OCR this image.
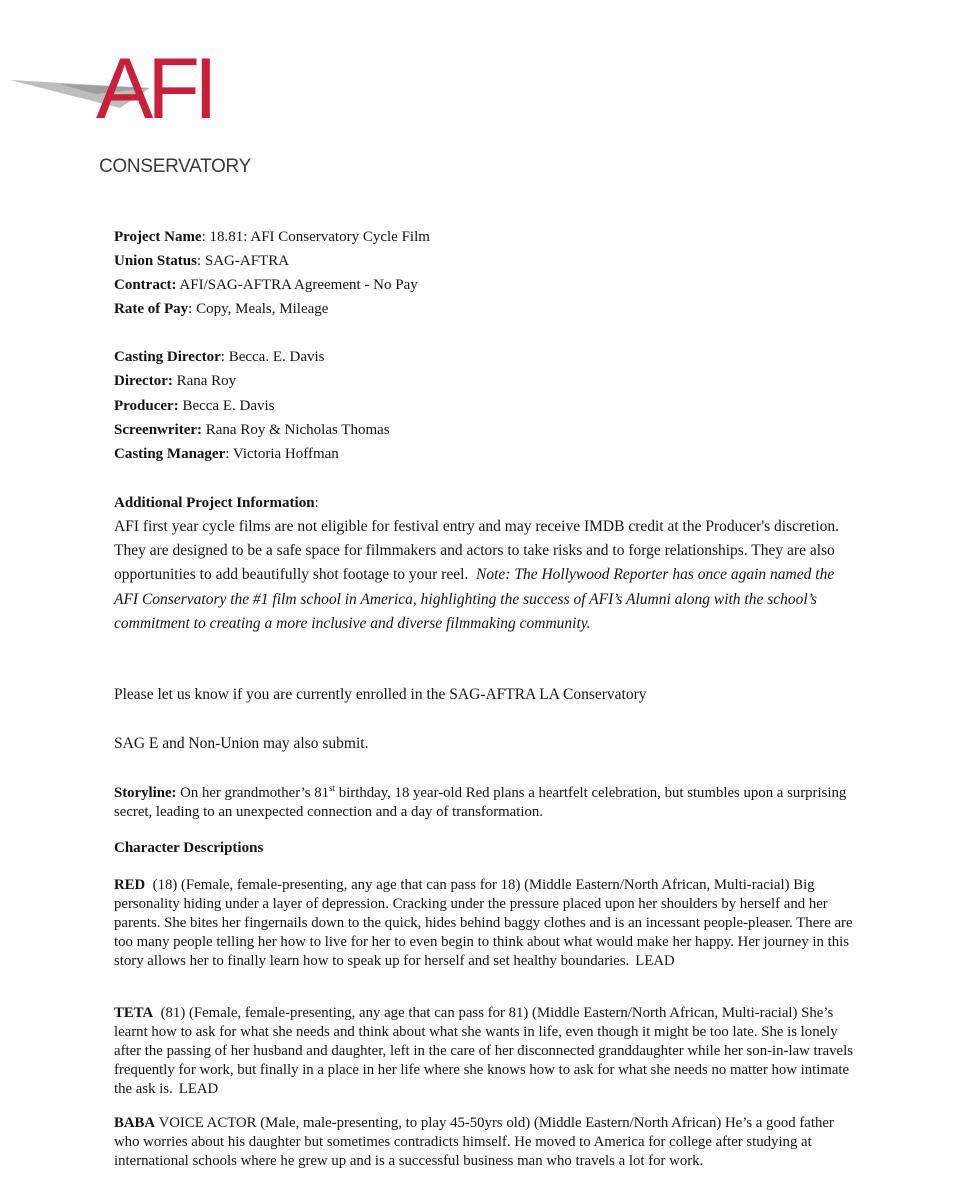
AFI

CONSERVATORY

Project Name: 18.81: AFI Conservatory Cycle Film

Union Status: SAG-AFTRA

Contract: AFI/SAG-AFTRA Agreement - No Pay

Rate of Pay: Copy, Meals, Mileage

Casting Director: Becca. E. Davis

Director: Rana Roy

Producer: Becca E. Davis

Screenwriter: Rana Roy & Nicholas Thomas

Casting Manager: Victoria Hoffman

Additional Project Information:

AFI first year cycle films are not eligible for festival entry and may receive IMDB credit at the Producer's discretion. They are designed to be a safe space for filmmakers and actors to take risks and to forge relationships. They are also opportunities to add beautifully shot footage to your reel. Note: The Hollywood Reporter has once again named the AFI Conservatory the #1 film school in America, highlighting the success of AFI’s Alumni along with the school’s commitment to creating a more inclusive and diverse filmmaking community.

Please let us know if you are currently enrolled in the SAG-AFTRA LA Conservatory

SAG E and Non-Union may also submit.

Storyline: On her grandmother’s 81st birthday, 18 year-old Red plans a heartfelt celebration, but stumbles upon a surprising secret, leading to an unexpected connection and a day of transformation.

Character Descriptions

RED (18) (Female, female-presenting, any age that can pass for 18) (Middle Eastern/North African, Multi-racial) Big personality hiding under a layer of depression. Cracking under the pressure placed upon her shoulders by herself and her parents. She bites her fingernails down to the quick, hides behind baggy clothes and is an incessant people-pleaser. There are too many people telling her how to live for her to even begin to think about what would make her happy. Her journey in this story allows her to finally learn how to speak up for herself and set healthy boundaries. LEAD

TETA (81) (Female, female-presenting, any age that can pass for 81) (Middle Eastern/North African, Multi-racial) She’s learnt how to ask for what she needs and think about what she wants in life, even though it might be too late. She is lonely after the passing of her husband and daughter, left in the care of her disconnected granddaughter while her son-in-law travels frequently for work, but finally in a place in her life where she knows how to ask for what she needs no matter how intimate the ask is. LEAD

BABA VOICE ACTOR (Male, male-presenting, to play 45-50yrs old) (Middle Eastern/North African) He’s a good father who worries about his daughter but sometimes contradicts himself. He moved to America for college after studying at international schools where he grew up and is a successful business man who travels a lot for work.
